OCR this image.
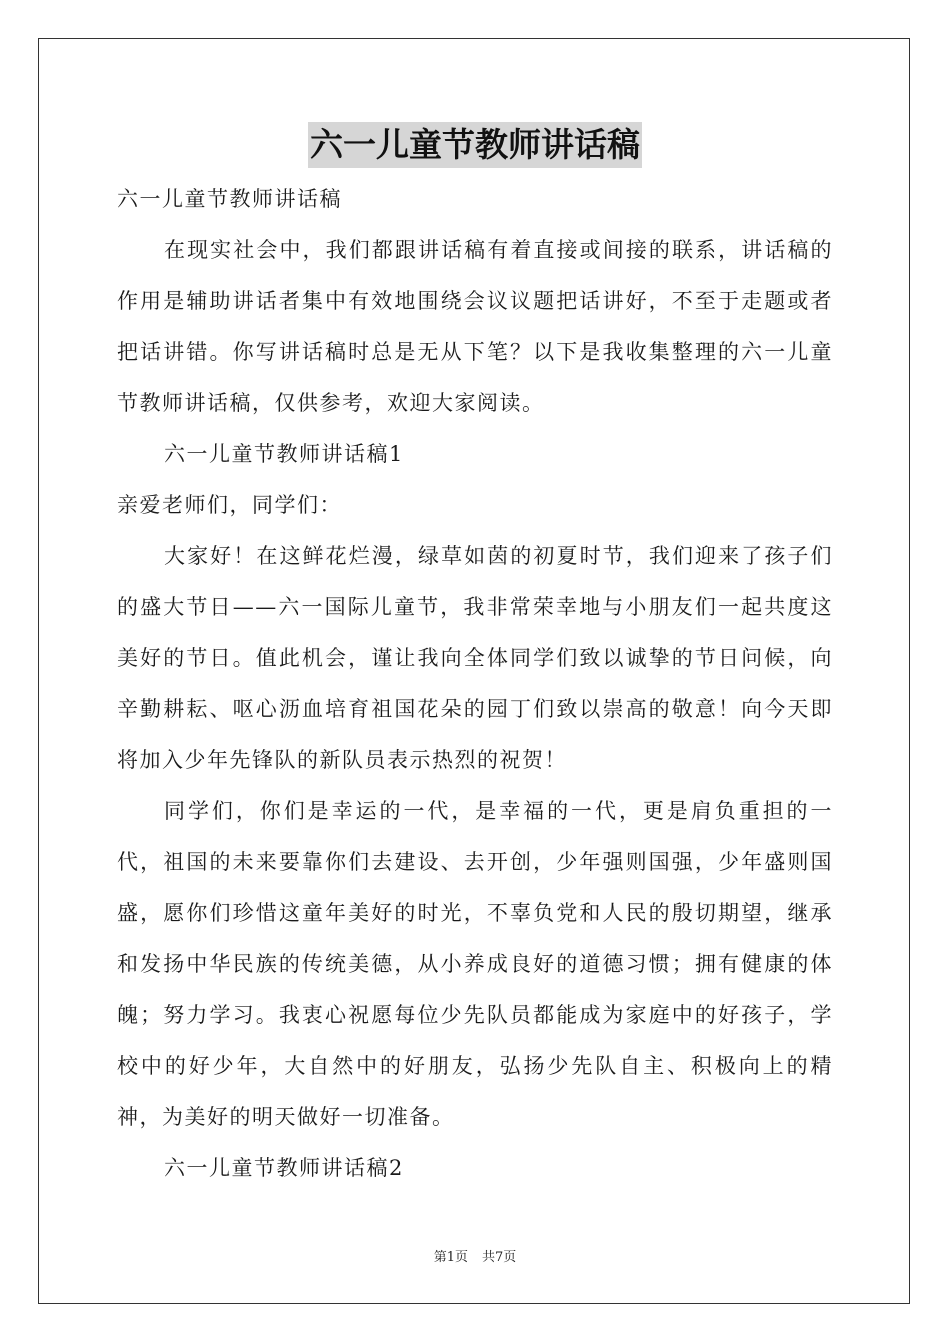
六一儿童节教师讲话稿

六一儿童节教师讲话稿

在现实社会中，我们都跟讲话稿有着直接或间接的联系，讲话稿的作用是辅助讲话者集中有效地围绕会议议题把话讲好，不至于走题或者把话讲错。你写讲话稿时总是无从下笔？以下是我收集整理的六一儿童节教师讲话稿，仅供参考，欢迎大家阅读。

六一儿童节教师讲话稿1

亲爱老师们，同学们：

大家好！在这鲜花烂漫，绿草如茵的初夏时节，我们迎来了孩子们的盛大节日——六一国际儿童节，我非常荣幸地与小朋友们一起共度这美好的节日。值此机会，谨让我向全体同学们致以诚挚的节日问候，向辛勤耕耘、呕心沥血培育祖国花朵的园丁们致以崇高的敬意！向今天即将加入少年先锋队的新队员表示热烈的祝贺！

同学们，你们是幸运的一代，是幸福的一代，更是肩负重担的一代，祖国的未来要靠你们去建设、去开创，少年强则国强，少年盛则国盛，愿你们珍惜这童年美好的时光，不辜负党和人民的殷切期望，继承和发扬中华民族的传统美德，从小养成良好的道德习惯；拥有健康的体魄；努力学习。我衷心祝愿每位少先队员都能成为家庭中的好孩子，学校中的好少年，大自然中的好朋友，弘扬少先队自主、积极向上的精神，为美好的明天做好一切准备。

六一儿童节教师讲话稿2

第1页 共7页
